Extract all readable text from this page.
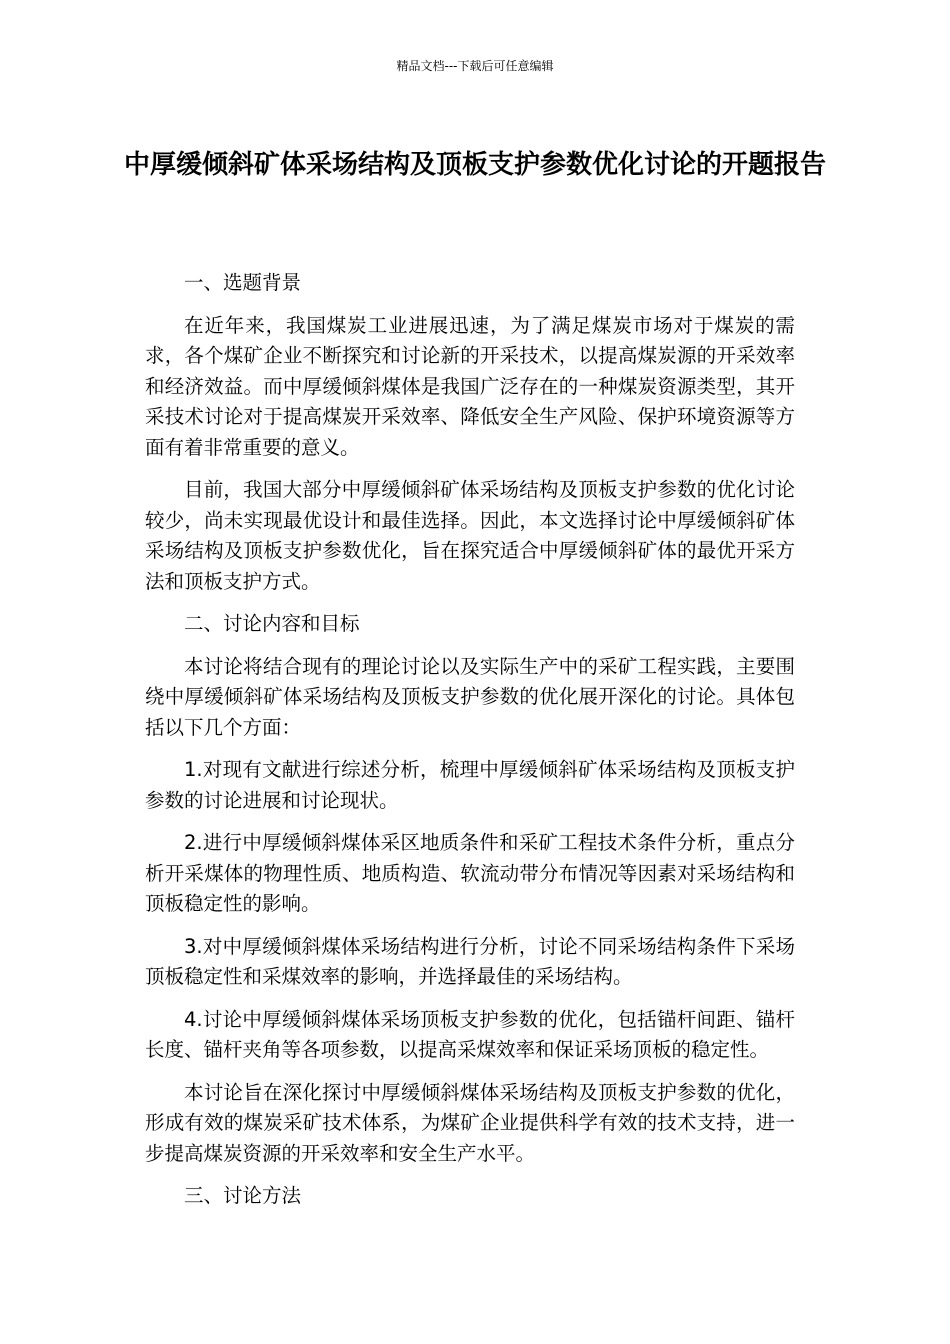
精品文档---下载后可任意编辑
中厚缓倾斜矿体采场结构及顶板支护参数优化讨论的开题报告

一、选题背景

在近年来，我国煤炭工业进展迅速，为了满足煤炭市场对于煤炭的需求，各个煤矿企业不断探究和讨论新的开采技术，以提高煤炭源的开采效率和经济效益。而中厚缓倾斜煤体是我国广泛存在的一种煤炭资源类型，其开采技术讨论对于提高煤炭开采效率、降低安全生产风险、保护环境资源等方面有着非常重要的意义。

目前，我国大部分中厚缓倾斜矿体采场结构及顶板支护参数的优化讨论较少，尚未实现最优设计和最佳选择。因此，本文选择讨论中厚缓倾斜矿体采场结构及顶板支护参数优化，旨在探究适合中厚缓倾斜矿体的最优开采方法和顶板支护方式。

二、讨论内容和目标

本讨论将结合现有的理论讨论以及实际生产中的采矿工程实践，主要围绕中厚缓倾斜矿体采场结构及顶板支护参数的优化展开深化的讨论。具体包括以下几个方面：

1.对现有文献进行综述分析，梳理中厚缓倾斜矿体采场结构及顶板支护参数的讨论进展和讨论现状。

2.进行中厚缓倾斜煤体采区地质条件和采矿工程技术条件分析，重点分析开采煤体的物理性质、地质构造、软流动带分布情况等因素对采场结构和顶板稳定性的影响。

3.对中厚缓倾斜煤体采场结构进行分析，讨论不同采场结构条件下采场顶板稳定性和采煤效率的影响，并选择最佳的采场结构。

4.讨论中厚缓倾斜煤体采场顶板支护参数的优化，包括锚杆间距、锚杆长度、锚杆夹角等各项参数，以提高采煤效率和保证采场顶板的稳定性。

本讨论旨在深化探讨中厚缓倾斜煤体采场结构及顶板支护参数的优化，形成有效的煤炭采矿技术体系，为煤矿企业提供科学有效的技术支持，进一步提高煤炭资源的开采效率和安全生产水平。

三、讨论方法
